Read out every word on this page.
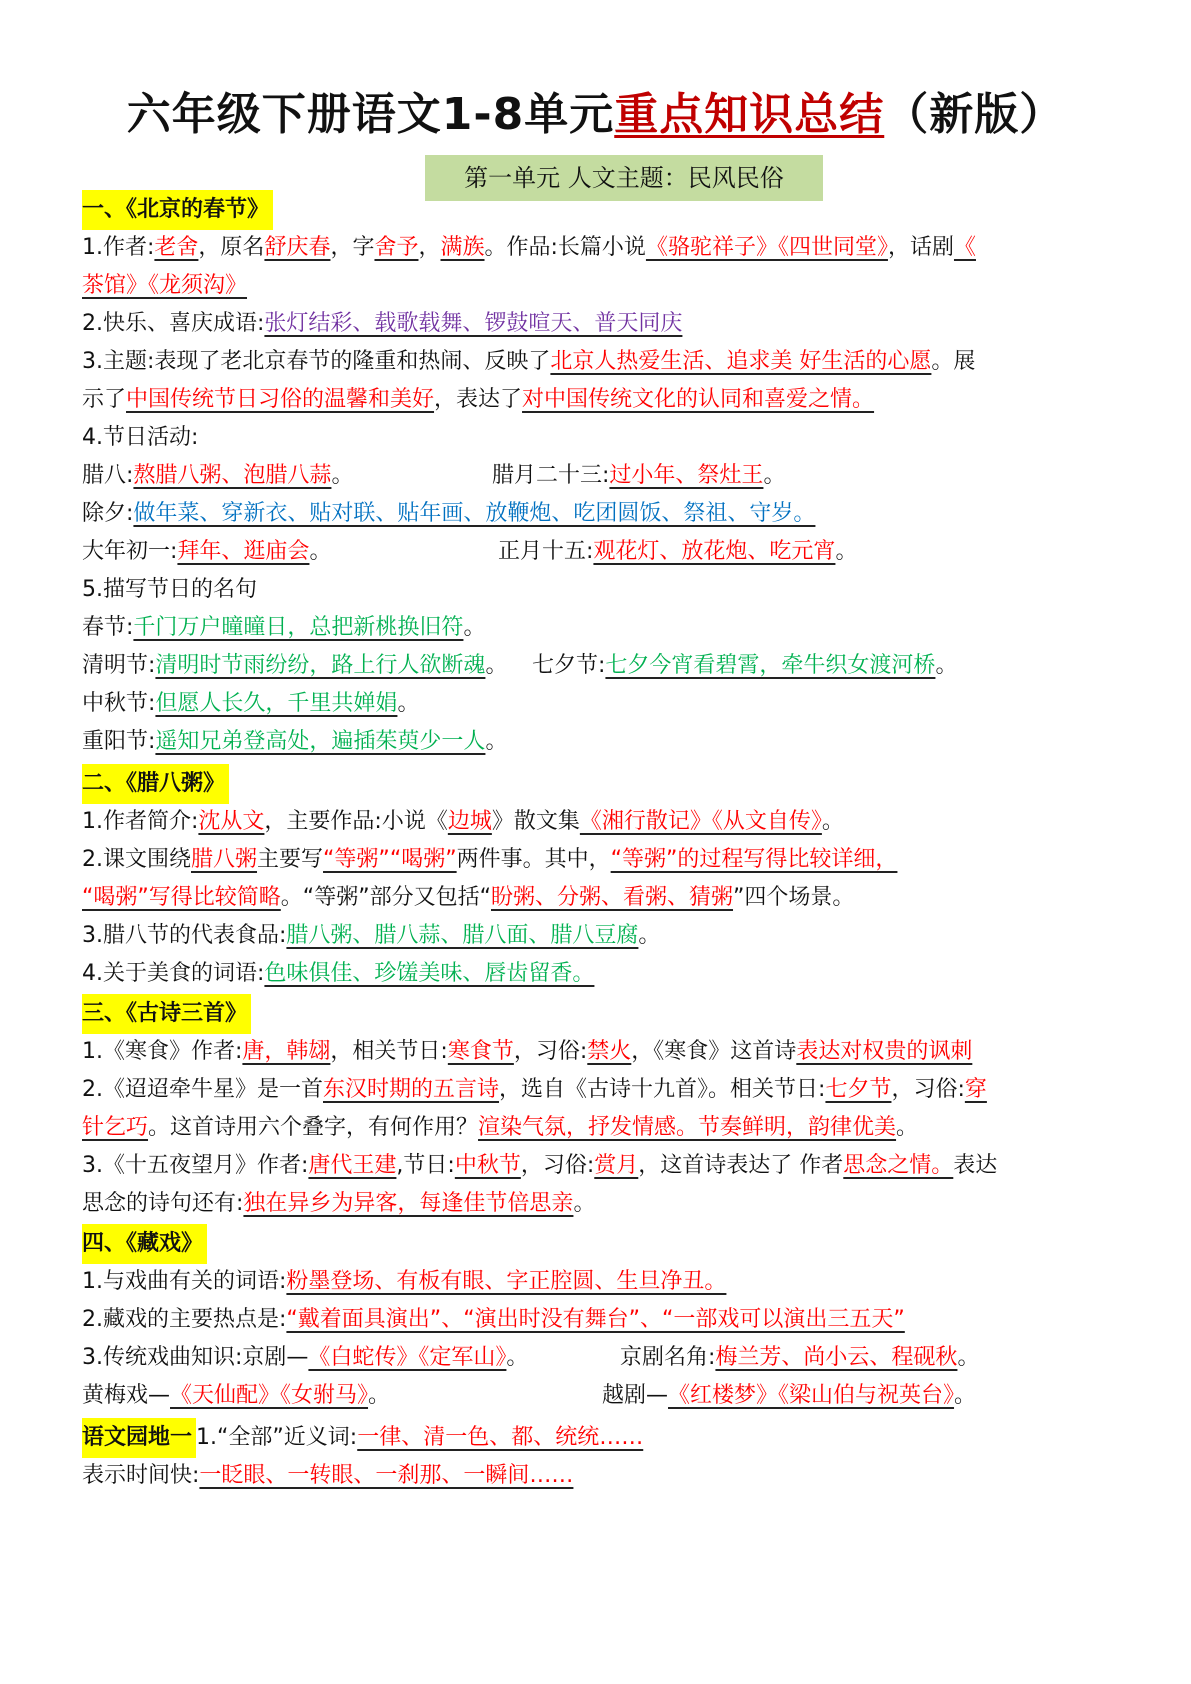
六年级下册语文1-8单元重点知识总结（新版）
第一单元 人文主题：民风民俗
一、《北京的春节》
1.作者:老舍，原名舒庆春，字舍予，满族。作品:长篇小说《骆驼祥子》《四世同堂》，话剧《
茶馆》《龙须沟》
2.快乐、喜庆成语:张灯结彩、载歌载舞、锣鼓喧天、普天同庆
3.主题:表现了老北京春节的隆重和热闹、反映了北京人热爱生活、追求美 好生活的心愿。展
示了中国传统节日习俗的温馨和美好，表达了对中国传统文化的认同和喜爱之情。
4.节日活动:
腊八:熬腊八粥、泡腊八蒜。	腊月二十三:过小年、祭灶王。
除夕:做年菜、穿新衣、贴对联、贴年画、放鞭炮、吃团圆饭、祭祖、守岁。
大年初一:拜年、逛庙会。	正月十五:观花灯、放花炮、吃元宵。
5.描写节日的名句
春节:千门万户曈曈日，总把新桃换旧符。
清明节:清明时节雨纷纷，路上行人欲断魂。 七夕节:七夕今宵看碧霄，牵牛织女渡河桥。
中秋节:但愿人长久，千里共婵娟。
重阳节:遥知兄弟登高处，遍插茱萸少一人。
二、《腊八粥》
1.作者简介:沈从文，主要作品:小说《边城》散文集《湘行散记》《从文自传》。
2.课文围绕腊八粥主要写“等粥”“喝粥”两件事。其中，“等粥”的过程写得比较详细，
“喝粥”写得比较简略。“等粥”部分又包括“盼粥、分粥、看粥、猜粥”四个场景。
3.腊八节的代表食品:腊八粥、腊八蒜、腊八面、腊八豆腐。
4.关于美食的词语:色味俱佳、珍馐美味、唇齿留香。
三、《古诗三首》
1.《寒食》作者:唐，韩翃，相关节日:寒食节，习俗:禁火，《寒食》这首诗表达对权贵的讽刺
2.《迢迢牵牛星》是一首东汉时期的五言诗，选自《古诗十九首》。相关节日:七夕节，习俗:穿
针乞巧。这首诗用六个叠字，有何作用？渲染气氛，抒发情感。节奏鲜明，韵律优美。
3.《十五夜望月》作者:唐代王建,节日:中秋节，习俗:赏月，这首诗表达了 作者思念之情。表达
思念的诗句还有:独在异乡为异客，每逢佳节倍思亲。
四、《藏戏》
1.与戏曲有关的词语:粉墨登场、有板有眼、字正腔圆、生旦净丑。
2.藏戏的主要热点是:“戴着面具演出”、“演出时没有舞台”、“一部戏可以演出三五天”
3.传统戏曲知识:京剧—《白蛇传》《定军山》。	京剧名角:梅兰芳、尚小云、程砚秋。
黄梅戏—《天仙配》《女驸马》。	越剧—《红楼梦》《梁山伯与祝英台》。
语文园地一 1.“全部”近义词:一律、清一色、都、统统……
表示时间快:一眨眼、一转眼、一刹那、一瞬间……
